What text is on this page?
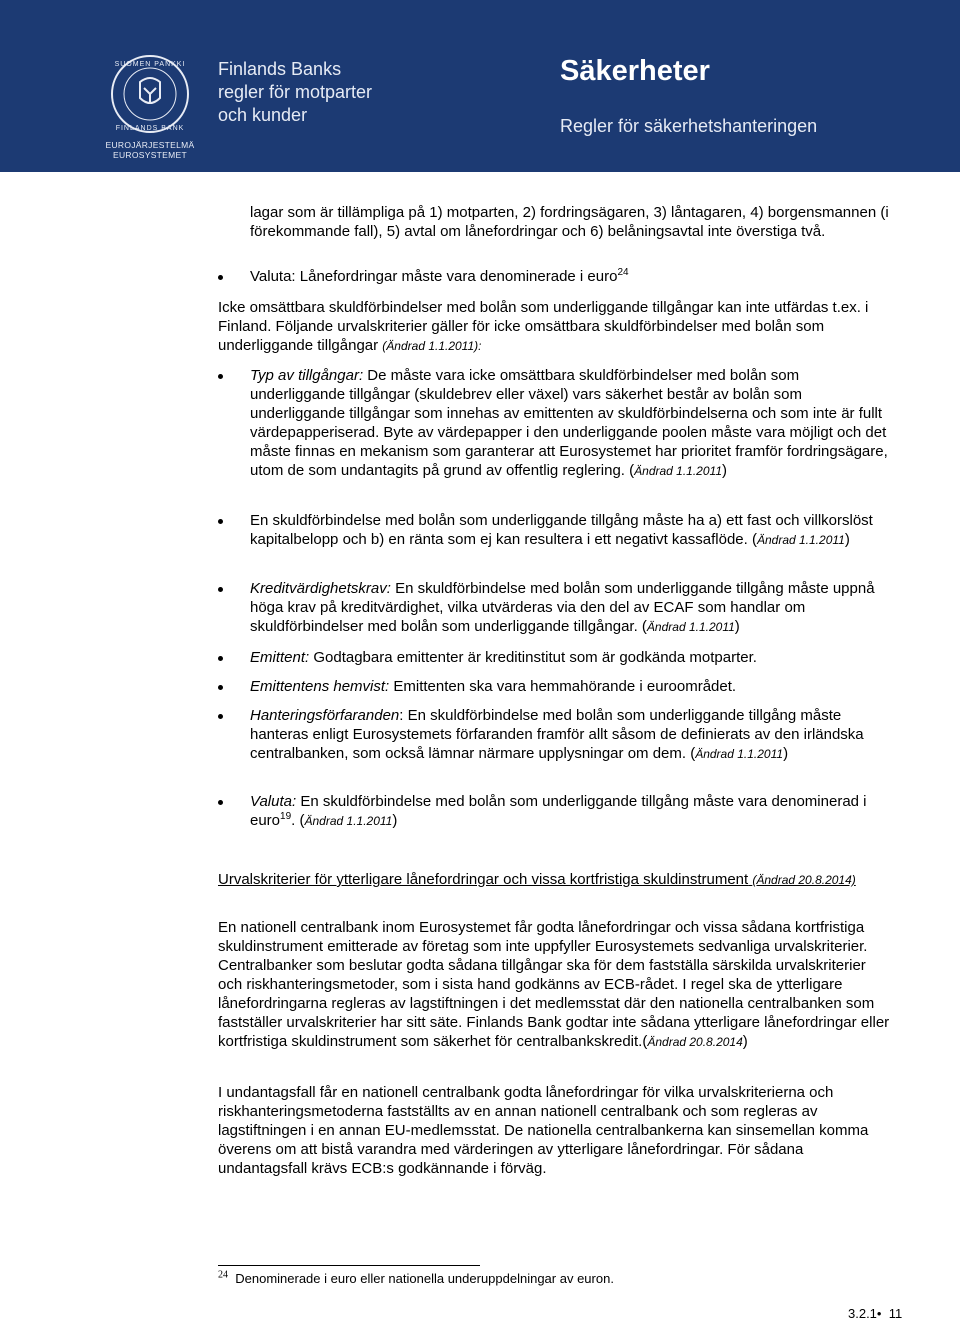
SUOMEN PANKKI
FINLANDS BANK
EUROJÄRJESTELMÄ
EUROSYSTEMET
Finlands Banks
regler för motparter
och kunder
Säkerheter
Regler för säkerhetshanteringen
lagar som är tillämpliga på 1) motparten, 2) fordringsägaren, 3) låntagaren, 4) borgensmannen (i förekommande fall), 5) avtal om lånefordringar och 6) belåningsavtal inte överstiga två.
Valuta: Lånefordringar måste vara denominerade i euro$^{24}$
Icke omsättbara skuldförbindelser med bolån som underliggande tillgångar kan inte utfärdas t.ex. i Finland. Följande urvalskriterier gäller för icke omsättbara skuldförbindelser med bolån som underliggande tillgångar (Ändrad 1.1.2011):
Typ av tillgångar: De måste vara icke omsättbara skuldförbindelser med bolån som underliggande tillgångar (skuldebrev eller växel) vars säkerhet består av bolån som underliggande tillgångar som innehas av emittenten av skuldförbindelserna och som inte är fullt värdepapperiserad. Byte av värdepapper i den underliggande poolen måste vara möjligt och det måste finnas en mekanism som garanterar att Eurosystemet har prioritet framför fordringsägare, utom de som undantagits på grund av offentlig reglering. (Ändrad 1.1.2011)
En skuldförbindelse med bolån som underliggande tillgång måste ha a) ett fast och villkorslöst kapitalbelopp och b) en ränta som ej kan resultera i ett negativt kassaflöde. (Ändrad 1.1.2011)
Kreditvärdighetskrav: En skuldförbindelse med bolån som underliggande tillgång måste uppnå höga krav på kreditvärdighet, vilka utvärderas via den del av ECAF som handlar om skuldförbindelser med bolån som underliggande tillgångar. (Ändrad 1.1.2011)
Emittent: Godtagbara emittenter är kreditinstitut som är godkända motparter.
Emittentens hemvist: Emittenten ska vara hemmahörande i euroområdet.
Hanteringsförfaranden: En skuldförbindelse med bolån som underliggande tillgång måste hanteras enligt Eurosystemets förfaranden framför allt såsom de definierats av den irländska centralbanken, som också lämnar närmare upplysningar om dem. (Ändrad 1.1.2011)
Valuta: En skuldförbindelse med bolån som underliggande tillgång måste vara denominerad i euro$^{19}$. (Ändrad 1.1.2011)
Urvalskriterier för ytterligare lånefordringar och vissa kortfristiga skuldinstrument (Ändrad 20.8.2014)
En nationell centralbank inom Eurosystemet får godta lånefordringar och vissa sådana kortfristiga skuldinstrument emitterade av företag som inte uppfyller Eurosystemets sedvanliga urvalskriterier. Centralbanker som beslutar godta sådana tillgångar ska för dem fastställa särskilda urvalskriterier och riskhanteringsmetoder, som i sista hand godkänns av ECB-rådet. I regel ska de ytterligare lånefordringarna regleras av lagstiftningen i det medlemsstat där den nationella centralbanken som fastställer urvalskriterier har sitt säte. Finlands Bank godtar inte sådana ytterligare lånefordringar eller kortfristiga skuldinstrument som säkerhet för centralbankskredit.(Ändrad 20.8.2014)
I undantagsfall får en nationell centralbank godta lånefordringar för vilka urvalskriterierna och riskhanteringsmetoderna fastställts av en annan nationell centralbank och som regleras av lagstiftningen i en annan EU-medlemsstat. De nationella centralbankerna kan sinsemellan komma överens om att bistå varandra med värderingen av ytterligare lånefordringar. För sådana undantagsfall krävs ECB:s godkännande i förväg.
$^{24}$ Denominerade i euro eller nationella underuppdelningar av euron.
3.2.1•  11
